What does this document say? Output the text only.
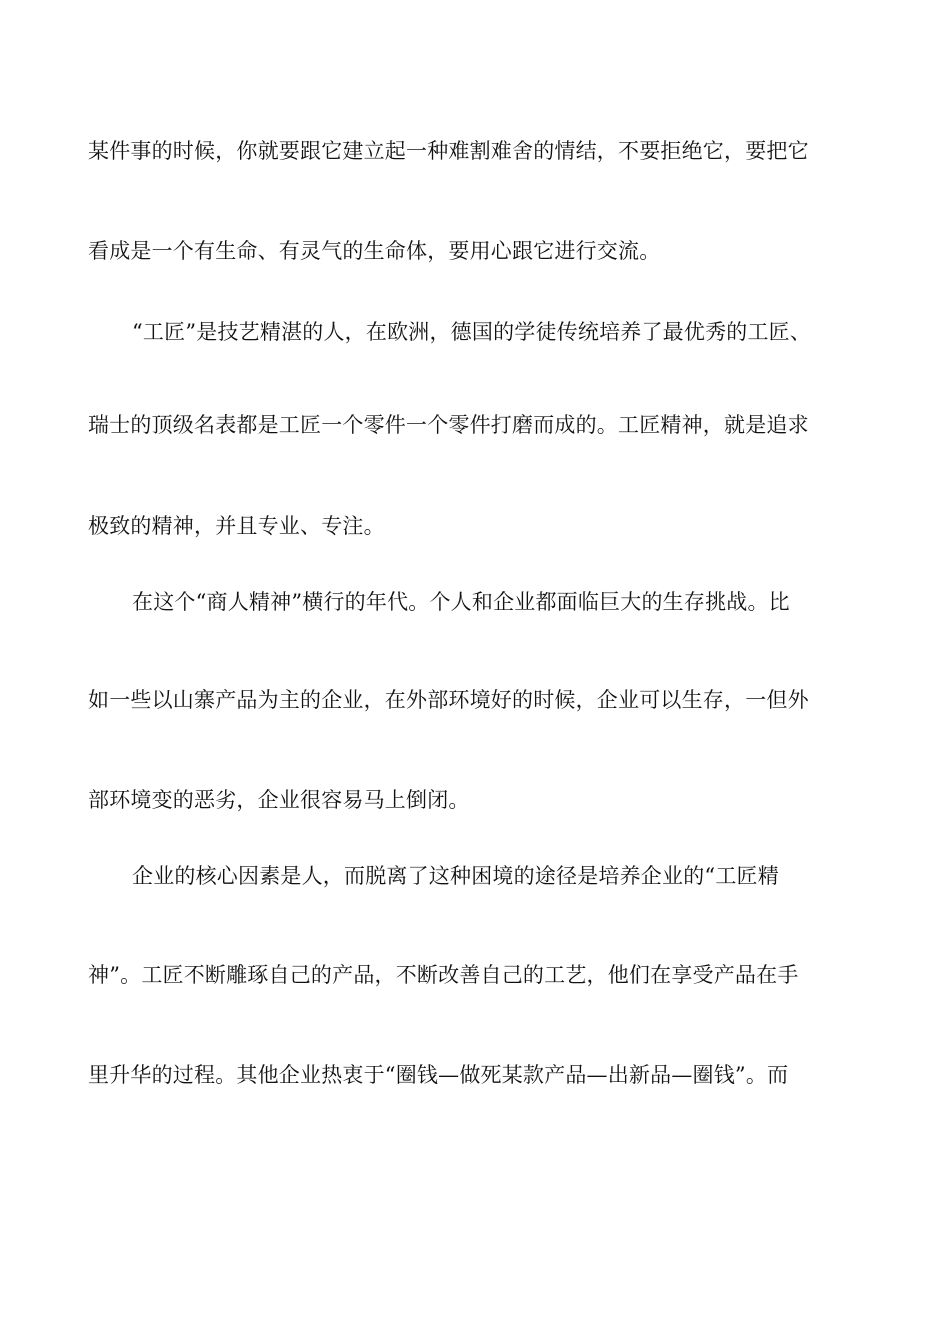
某件事的时候，你就要跟它建立起一种难割难舍的情结，不要拒绝它，要把它
看成是一个有生命、有灵气的生命体，要用心跟它进行交流。
“工匠”是技艺精湛的人，在欧洲，德国的学徒传统培养了最优秀的工匠、
瑞士的顶级名表都是工匠一个零件一个零件打磨而成的。工匠精神，就是追求
极致的精神，并且专业、专注。
在这个“商人精神”横行的年代。个人和企业都面临巨大的生存挑战。比
如一些以山寨产品为主的企业，在外部环境好的时候，企业可以生存，一但外
部环境变的恶劣，企业很容易马上倒闭。
企业的核心因素是人，而脱离了这种困境的途径是培养企业的“工匠精
神”。工匠不断雕琢自己的产品，不断改善自己的工艺，他们在享受产品在手
里升华的过程。其他企业热衷于“圈钱—做死某款产品—出新品—圈钱”。而
